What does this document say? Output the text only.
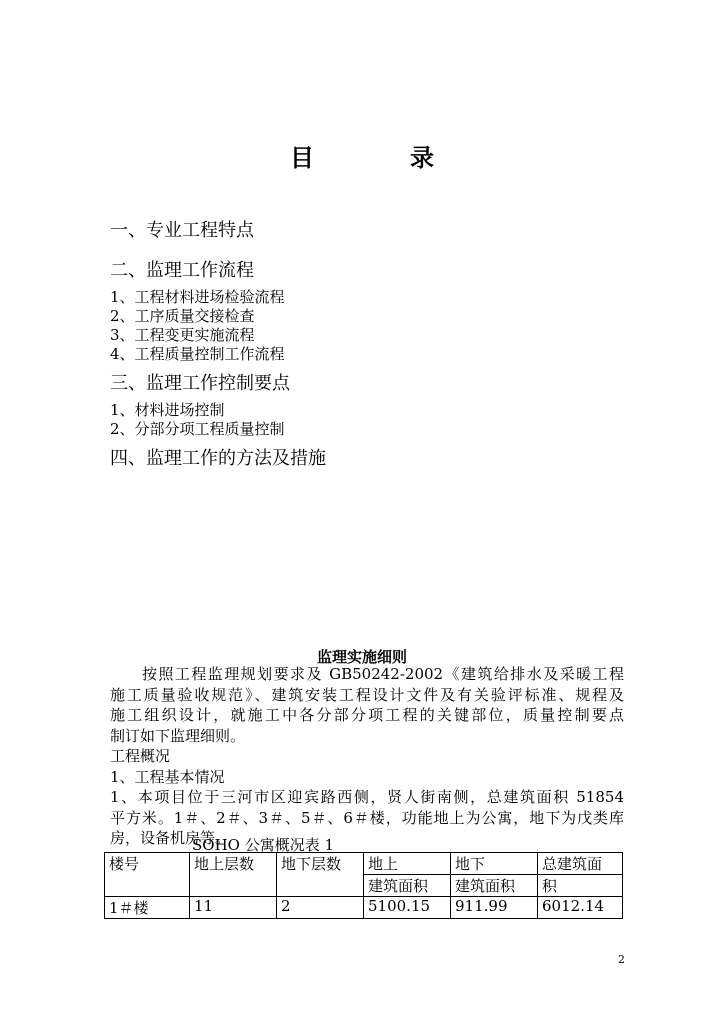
目　录
一、专业工程特点
二、监理工作流程
1、工程材料进场检验流程
2、工序质量交接检查
3、工程变更实施流程
4、工程质量控制工作流程
三、监理工作控制要点
1、材料进场控制
2、分部分项工程质量控制
四、监理工作的方法及措施
监理实施细则
按照工程监理规划要求及 GB50242-2002《建筑给排水及采暖工程
施工质量验收规范》、建筑安装工程设计文件及有关验评标准、规程及
施工组织设计，就施工中各分部分项工程的关键部位，质量控制要点
制订如下监理细则。
工程概况
1、工程基本情况
1、本项目位于三河市区迎宾路西侧，贤人街南侧，总建筑面积 51854
平方米。1＃、2＃、3＃、5＃、6＃楼，功能地上为公寓，地下为戊类库
房，设备机房等。
SOHO 公寓概况表 1
楼号	地上层数	地下层数	地上	地下	总建筑面
			建筑面积	建筑面积	积
1＃楼	11	2	5100.15	911.99	6012.14
2
